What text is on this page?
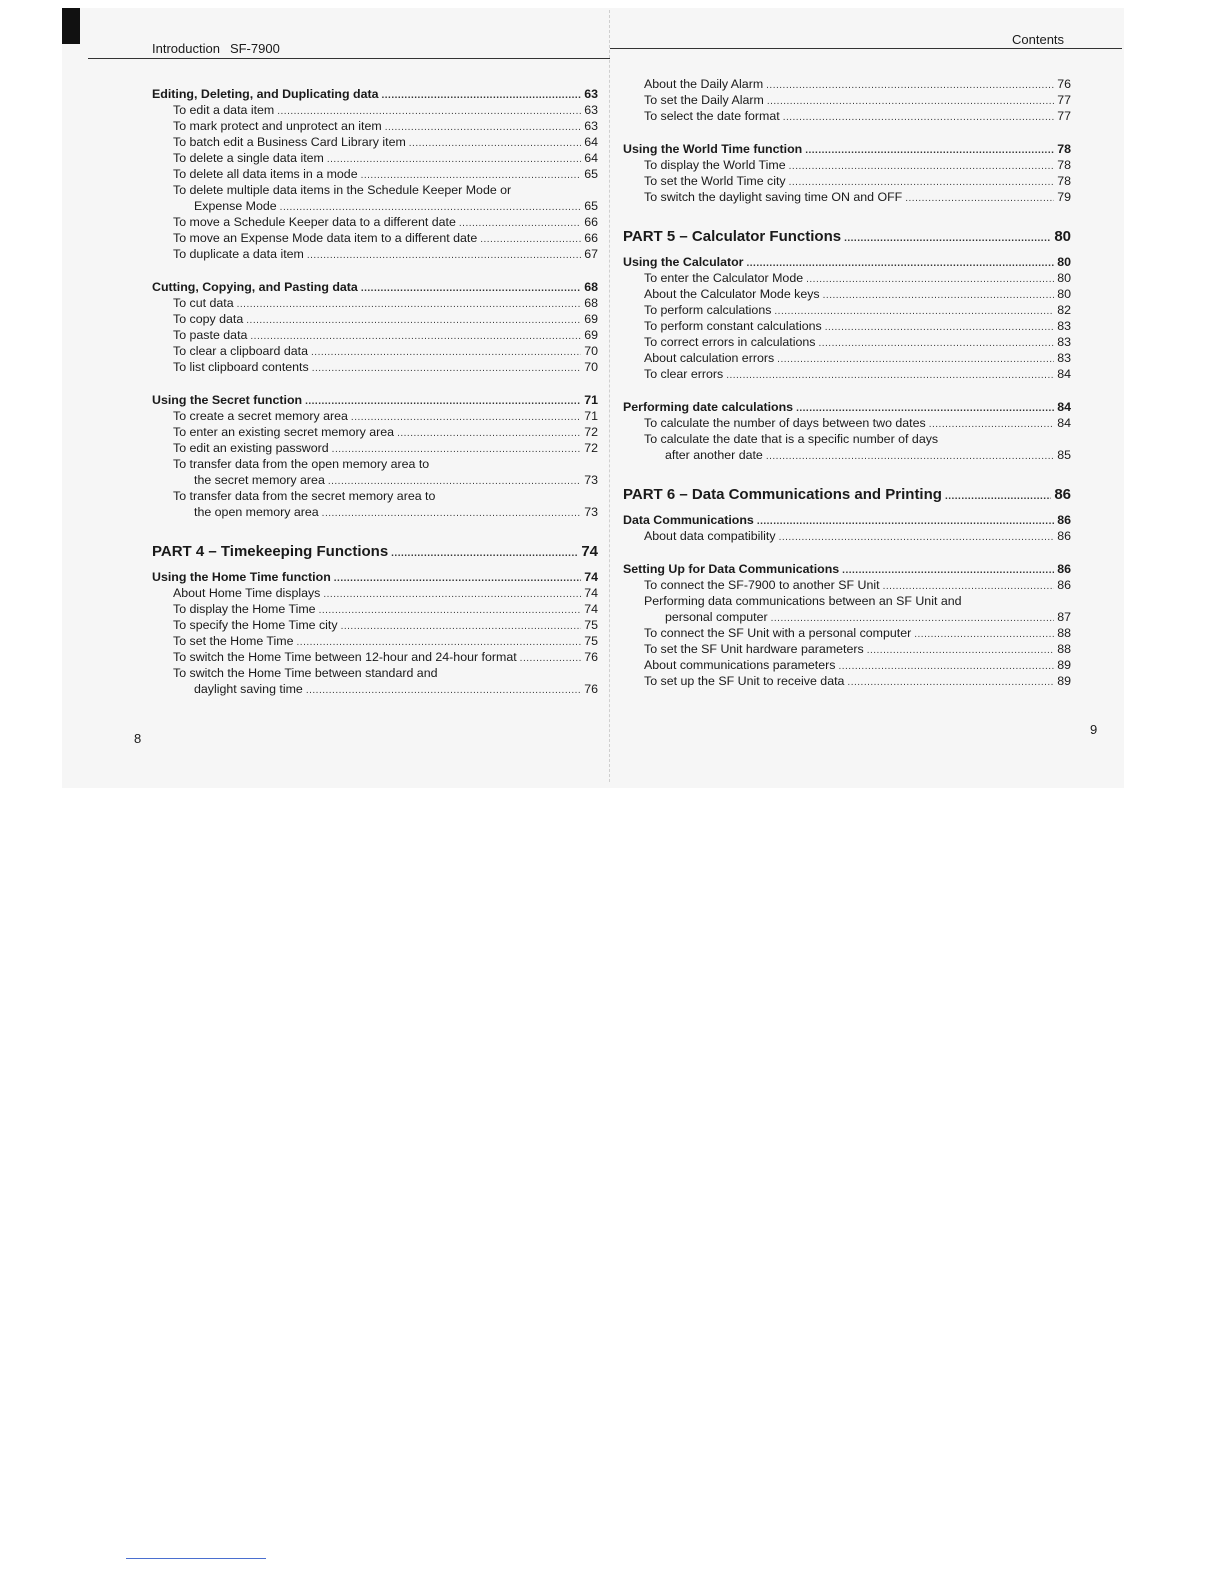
Introduction SF-7900
Contents
Editing, Deleting, and Duplicating data .....	63
To edit a data item .....	63
To mark protect and unprotect an item .....	63
To batch edit a Business Card Library item .....	64
To delete a single data item .....	64
To delete all data items in a mode .....	65
To delete multiple data items in the Schedule Keeper Mode or
Expense Mode .....	65
To move a Schedule Keeper data to a different date .....	66
To move an Expense Mode data item to a different date .....	66
To duplicate a data item .....	67
Cutting, Copying, and Pasting data .....	68
To cut data .....	68
To copy data .....	69
To paste data .....	69
To clear a clipboard data .....	70
To list clipboard contents .....	70
Using the Secret function .....	71
To create a secret memory area .....	71
To enter an existing secret memory area .....	72
To edit an existing password .....	72
To transfer data from the open memory area to
the secret memory area .....	73
To transfer data from the secret memory area to
the open memory area .....	73
PART 4 – Timekeeping Functions .....	74
Using the Home Time function .....	74
About Home Time displays .....	74
To display the Home Time .....	74
To specify the Home Time city .....	75
To set the Home Time .....	75
To switch the Home Time between 12-hour and 24-hour format .....	76
To switch the Home Time between standard and
daylight saving time .....	76
About the Daily Alarm .....	76
To set the Daily Alarm .....	77
To select the date format .....	77
Using the World Time function .....	78
To display the World Time .....	78
To set the World Time city .....	78
To switch the daylight saving time ON and OFF .....	79
PART 5 – Calculator Functions .....	80
Using the Calculator .....	80
To enter the Calculator Mode .....	80
About the Calculator Mode keys .....	80
To perform calculations .....	82
To perform constant calculations .....	83
To correct errors in calculations .....	83
About calculation errors .....	83
To clear errors .....	84
Performing date calculations .....	84
To calculate the number of days between two dates .....	84
To calculate the date that is a specific number of days
after another date .....	85
PART 6 – Data Communications and Printing .....	86
Data Communications .....	86
About data compatibility .....	86
Setting Up for Data Communications .....	86
To connect the SF-7900 to another SF Unit .....	86
Performing data communications between an SF Unit and
personal computer .....	87
To connect the SF Unit with a personal computer .....	88
To set the SF Unit hardware parameters .....	88
About communications parameters .....	89
To set up the SF Unit to receive data .....	89
8
9
